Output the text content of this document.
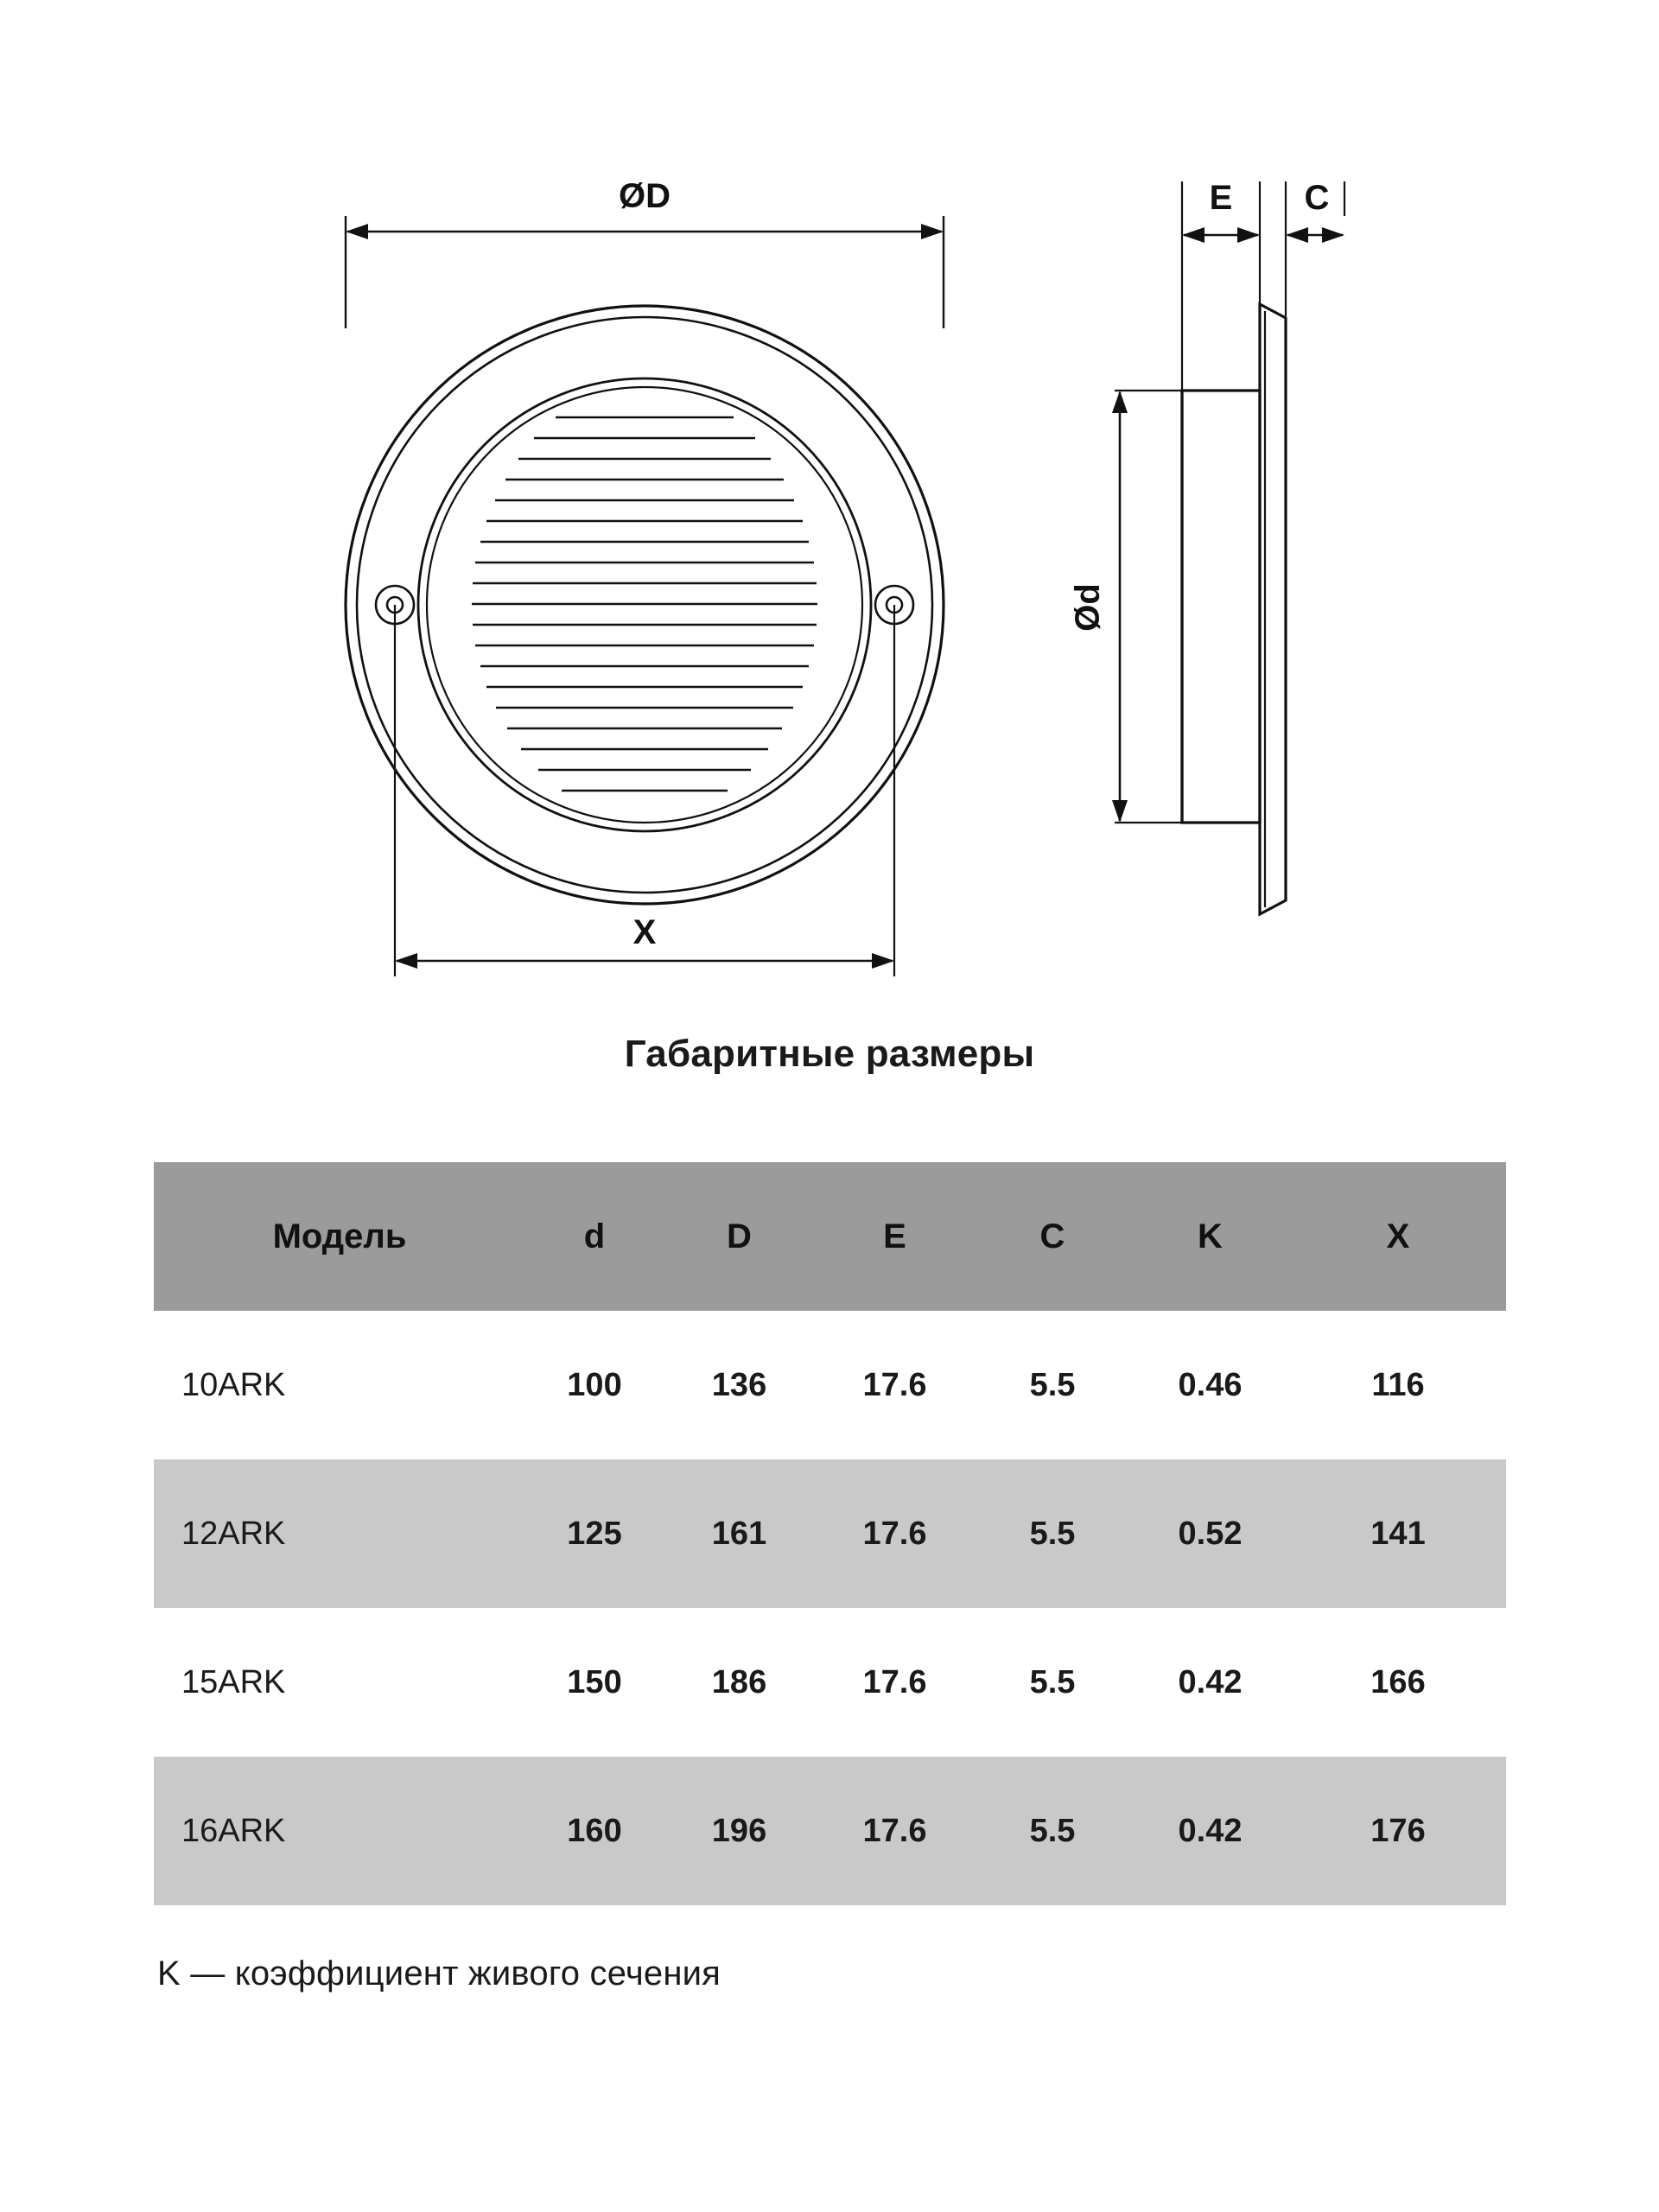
ØD
X
E C
Ød
Габаритные размеры
Модель	d	D	E	C	K	X
10ARK	100	136	17.6	5.5	0.46	116
12ARK	125	161	17.6	5.5	0.52	141
15ARK	150	186	17.6	5.5	0.42	166
16ARK	160	196	17.6	5.5	0.42	176
K — коэффициент живого сечения
